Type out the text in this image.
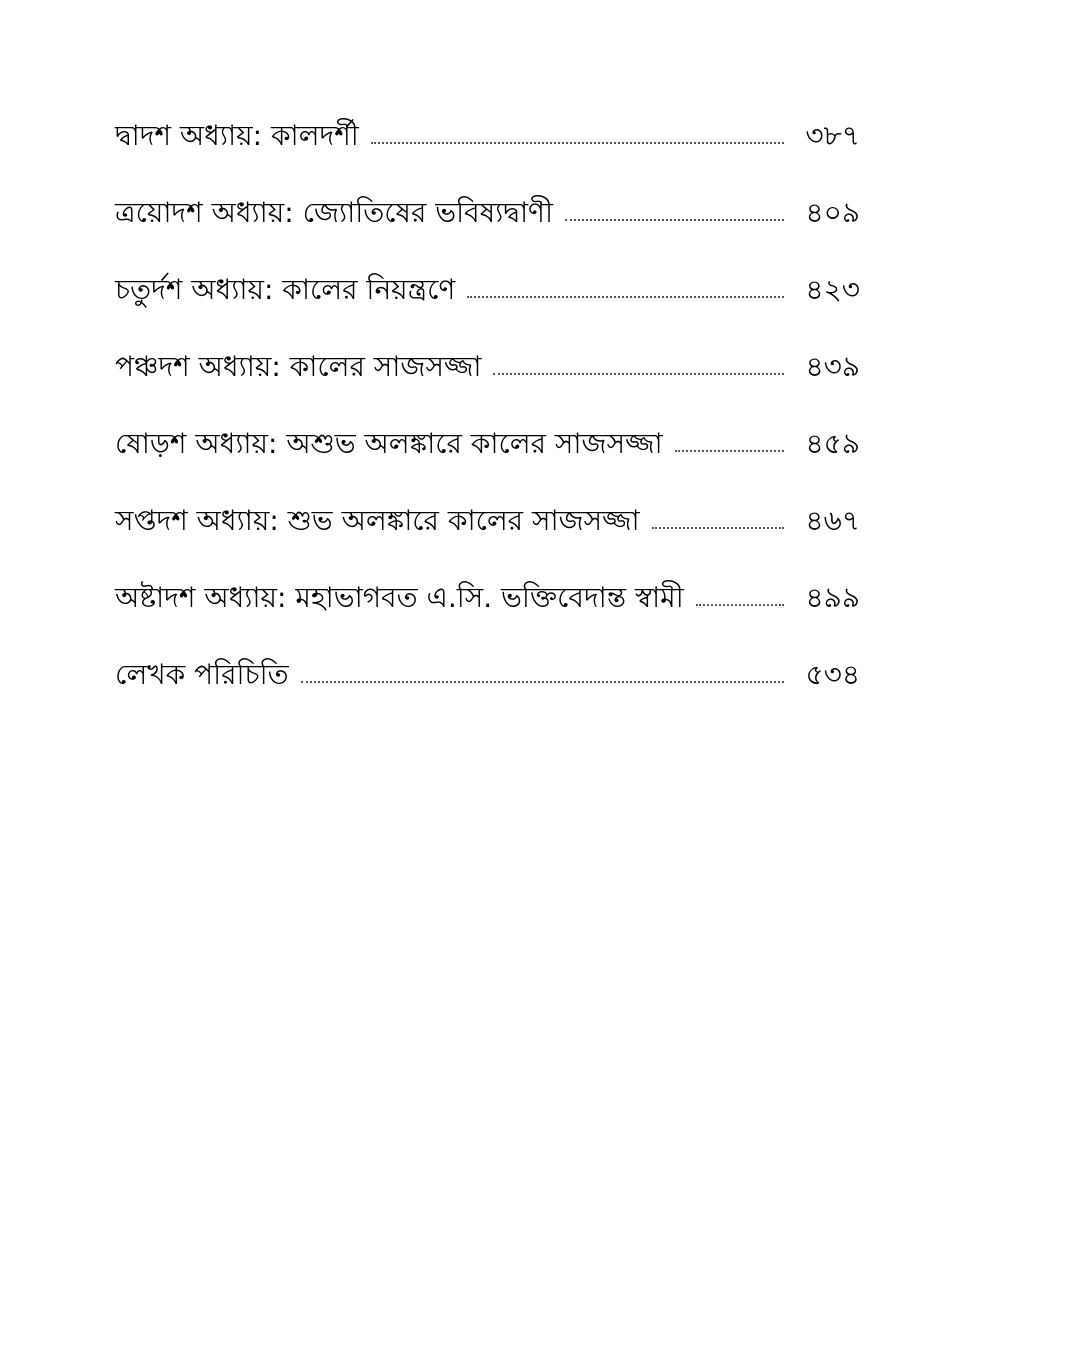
দ্বাদশ অধ্যায়: কালদর্শী	৩৮৭
ত্রয়োদশ অধ্যায়: জ্যোতিষের ভবিষ্যদ্বাণী	৪০৯
চতুর্দশ অধ্যায়: কালের নিয়ন্ত্রণে	৪২৩
পঞ্চদশ অধ্যায়: কালের সাজসজ্জা	৪৩৯
ষোড়শ অধ্যায়: অশুভ অলঙ্কারে কালের সাজসজ্জা	৪৫৯
সপ্তদশ অধ্যায়: শুভ অলঙ্কারে কালের সাজসজ্জা	৪৬৭
অষ্টাদশ অধ্যায়: মহাভাগবত এ.সি. ভক্তিবেদান্ত স্বামী	৪৯৯
লেখক পরিচিতি	৫৩৪
